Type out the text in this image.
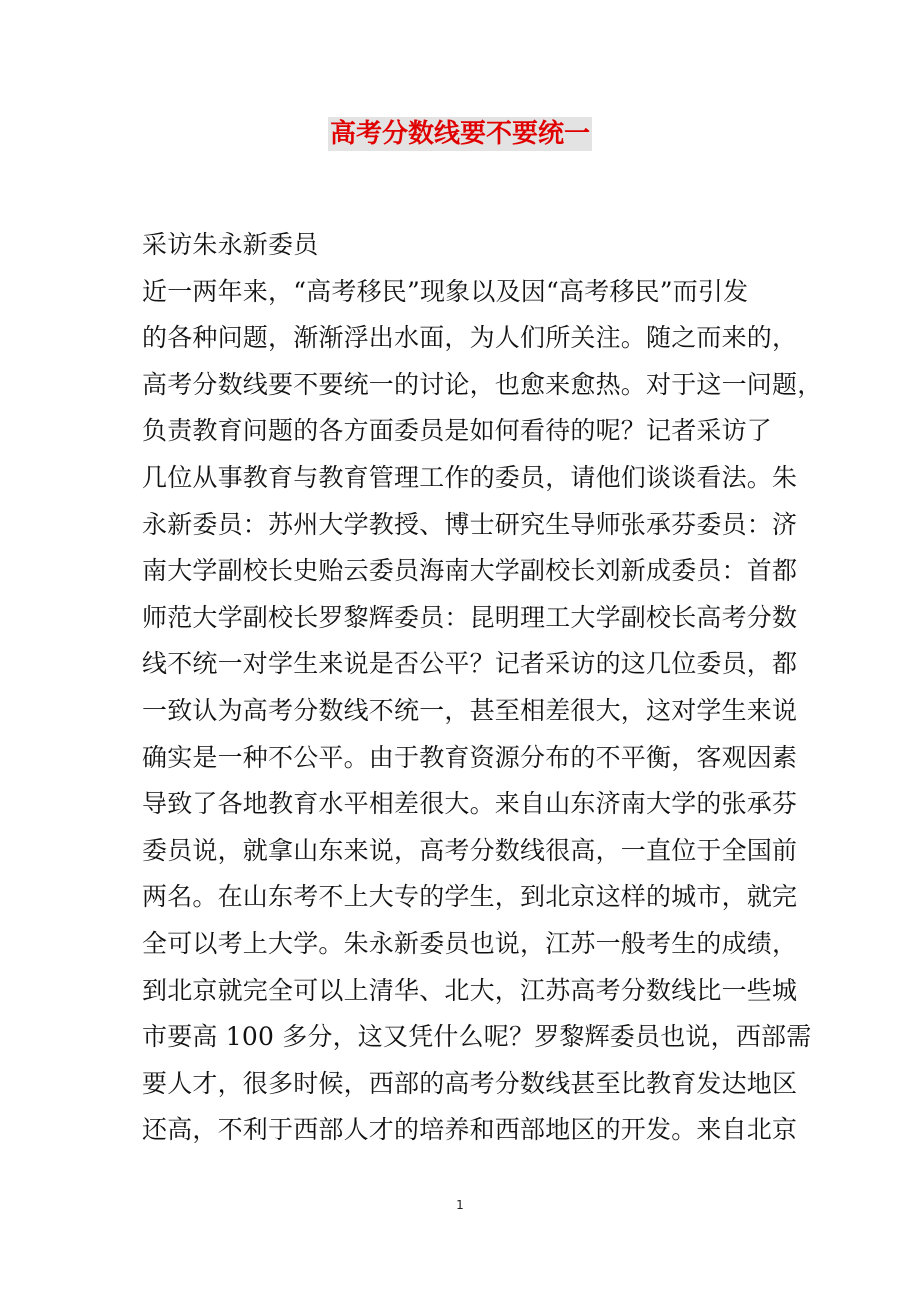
高考分数线要不要统一
采访朱永新委员
近一两年来，“高考移民”现象以及因“高考移民”而引发
的各种问题，渐渐浮出水面，为人们所关注。随之而来的，
高考分数线要不要统一的讨论，也愈来愈热。对于这一问题，
负责教育问题的各方面委员是如何看待的呢？记者采访了
几位从事教育与教育管理工作的委员，请他们谈谈看法。朱
永新委员：苏州大学教授、博士研究生导师张承芬委员：济
南大学副校长史贻云委员海南大学副校长刘新成委员：首都
师范大学副校长罗黎辉委员：昆明理工大学副校长高考分数
线不统一对学生来说是否公平？记者采访的这几位委员，都
一致认为高考分数线不统一，甚至相差很大，这对学生来说
确实是一种不公平。由于教育资源分布的不平衡，客观因素
导致了各地教育水平相差很大。来自山东济南大学的张承芬
委员说，就拿山东来说，高考分数线很高，一直位于全国前
两名。在山东考不上大专的学生，到北京这样的城市，就完
全可以考上大学。朱永新委员也说，江苏一般考生的成绩，
到北京就完全可以上清华、北大，江苏高考分数线比一些城
市要高 100 多分，这又凭什么呢？罗黎辉委员也说，西部需
要人才，很多时候，西部的高考分数线甚至比教育发达地区
还高，不利于西部人才的培养和西部地区的开发。来自北京
1
